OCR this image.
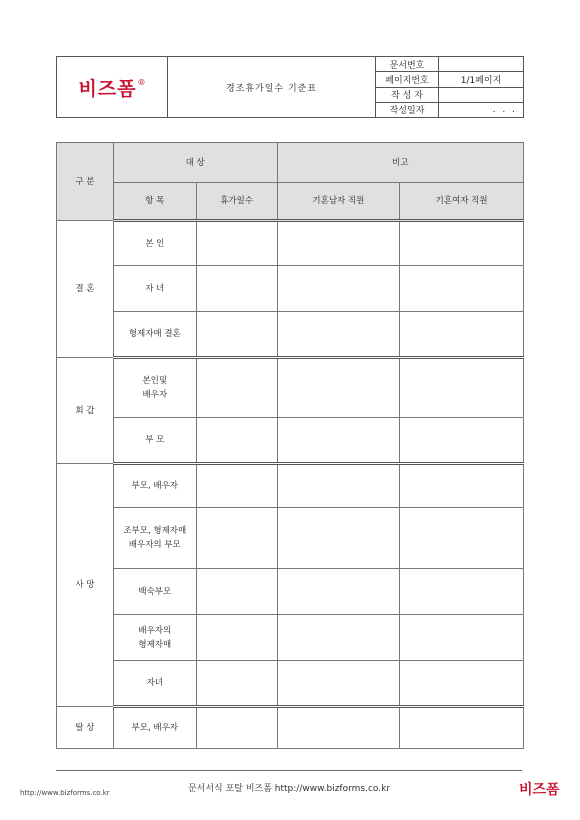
비즈폼 ®	경조휴가일수 기준표	문서번호	
		페이지번호	1/1페이지
		작 성 자	
		작성일자	. . .
구 분	대 상		비고	
	항 목	휴가일수	기혼남자 직원	기혼여자 직원
결 혼	본 인			
	자 녀			
	형제자매 결혼			
회 갑	본인및
배우자			
	부 모			
사 망	부모, 배우자			
	조부모, 형제자매
배우자의 부모			
	백숙부모			
	배우자의
형제자매			
	자녀			
탈 상	부모, 배우자			
http://www.bizforms.co.kr	문서서식 포탈 비즈폼 http://www.bizforms.co.kr	비즈폼
